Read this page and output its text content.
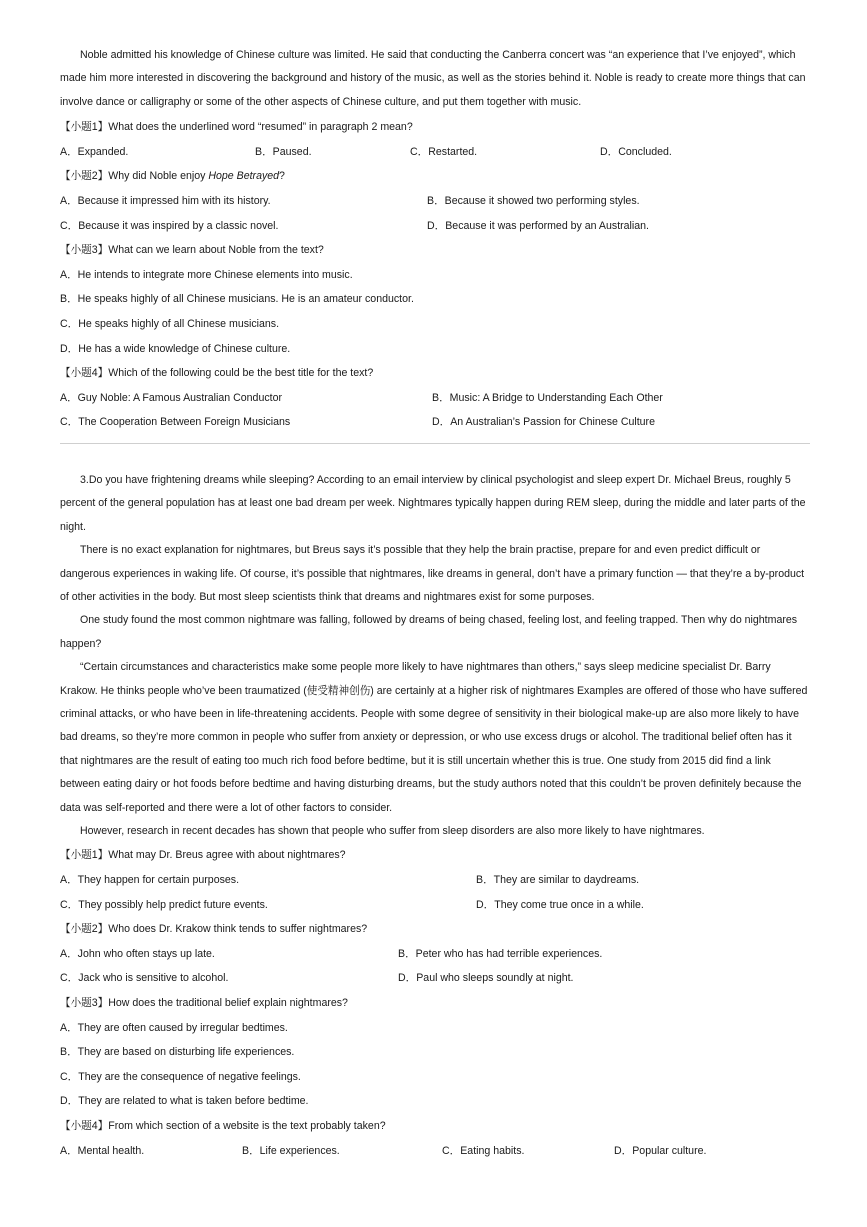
Noble admitted his knowledge of Chinese culture was limited. He said that conducting the Canberra concert was “an experience that I’ve enjoyed”, which made him more interested in discovering the background and history of the music, as well as the stories behind it. Noble is ready to create more things that can involve dance or calligraphy or some of the other aspects of Chinese culture, and put them together with music.

【小题1】What does the underlined word “resumed” in paragraph 2 mean?

A．Expanded.	B．Paused.	C．Restarted.	D．Concluded.

【小题2】Why did Noble enjoy Hope Betrayed?

A．Because it impressed him with its history.	B．Because it showed two performing styles.
C．Because it was inspired by a classic novel.	D．Because it was performed by an Australian.

【小题3】What can we learn about Noble from the text?

A．He intends to integrate more Chinese elements into music.

B．He speaks highly of all Chinese musicians. He is an amateur conductor.

C．He speaks highly of all Chinese musicians.

D．He has a wide knowledge of Chinese culture.

【小题4】Which of the following could be the best title for the text?

A．Guy Noble: A Famous Australian Conductor	B．Music: A Bridge to Understanding Each Other
C．The Cooperation Between Foreign Musicians	D．An Australian’s Passion for Chinese Culture

3.Do you have frightening dreams while sleeping? According to an email interview by clinical psychologist and sleep expert Dr. Michael Breus, roughly 5 percent of the general population has at least one bad dream per week. Nightmares typically happen during REM sleep, during the middle and later parts of the night.

There is no exact explanation for nightmares, but Breus says it’s possible that they help the brain practise, prepare for and even predict difficult or dangerous experiences in waking life. Of course, it’s possible that nightmares, like dreams in general, don’t have a primary function — that they’re a by-product of other activities in the body. But most sleep scientists think that dreams and nightmares exist for some purposes.

One study found the most common nightmare was falling, followed by dreams of being chased, feeling lost, and feeling trapped. Then why do nightmares happen?

“Certain circumstances and characteristics make some people more likely to have nightmares than others,” says sleep medicine specialist Dr. Barry Krakow. He thinks people who’ve been traumatized (使受精神创伤) are certainly at a higher risk of nightmares Examples are offered of those who have suffered criminal attacks, or who have been in life-threatening accidents. People with some degree of sensitivity in their biological make-up are also more likely to have bad dreams, so they’re more common in people who suffer from anxiety or depression, or who use excess drugs or alcohol. The traditional belief often has it that nightmares are the result of eating too much rich food before bedtime, but it is still uncertain whether this is true. One study from 2015 did find a link between eating dairy or hot foods before bedtime and having disturbing dreams, but the study authors noted that this couldn’t be proven definitely because the data was self-reported and there were a lot of other factors to consider.

However, research in recent decades has shown that people who suffer from sleep disorders are also more likely to have nightmares.

【小题1】What may Dr. Breus agree with about nightmares?

A．They happen for certain purposes.	B．They are similar to daydreams.
C．They possibly help predict future events.	D．They come true once in a while.

【小题2】Who does Dr. Krakow think tends to suffer nightmares?

A．John who often stays up late.	B．Peter who has had terrible experiences.
C．Jack who is sensitive to alcohol.	D．Paul who sleeps soundly at night.

【小题3】How does the traditional belief explain nightmares?

A．They are often caused by irregular bedtimes.

B．They are based on disturbing life experiences.

C．They are the consequence of negative feelings.

D．They are related to what is taken before bedtime.

【小题4】From which section of a website is the text probably taken?

A．Mental health.	B．Life experiences.	C．Eating habits.	D．Popular culture.
